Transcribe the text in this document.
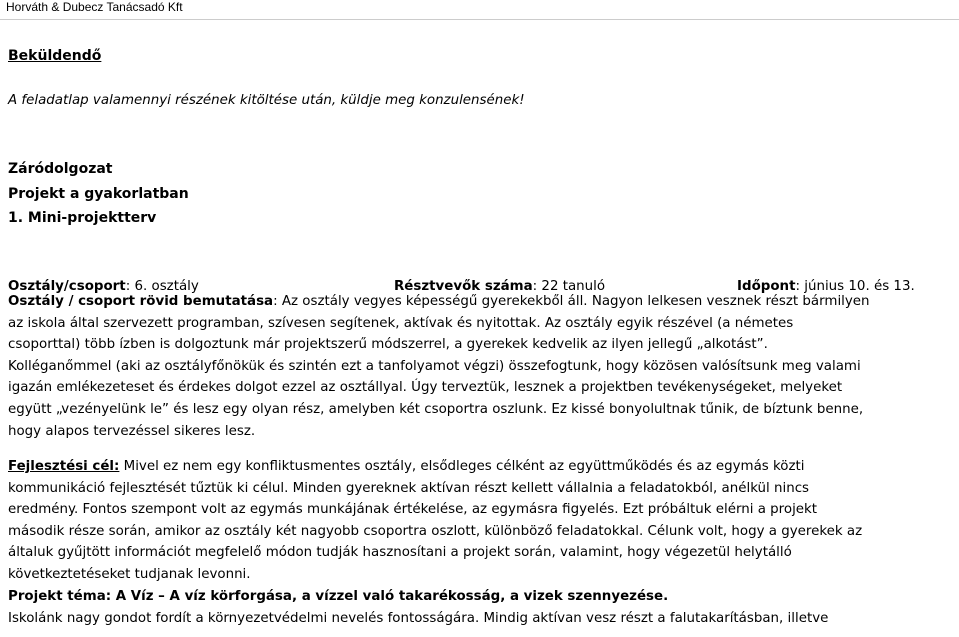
Horváth & Dubecz Tanácsadó Kft
Beküldendő
A feladatlap valamennyi részének kitöltése után, küldje meg konzulensének!
Záródolgozat
Projekt a gyakorlatban
1. Mini-projektterv
Osztály/csoport: 6. osztály	Résztvevők száma: 22 tanuló	Időpont: június 10. és 13.
Osztály / csoport rövid bemutatása: Az osztály vegyes képességű gyerekekből áll. Nagyon lelkesen vesznek részt bármilyen
az iskola által szervezett programban, szívesen segítenek, aktívak és nyitottak. Az osztály egyik részével (a németes
csoporttal) több ízben is dolgoztunk már projektszerű módszerrel, a gyerekek kedvelik az ilyen jellegű „alkotást”.
Kolléganőmmel (aki az osztályfőnökük és szintén ezt a tanfolyamot végzi) összefogtunk, hogy közösen valósítsunk meg valami
igazán emlékezeteset és érdekes dolgot ezzel az osztállyal. Úgy terveztük, lesznek a projektben tevékenységeket, melyeket
együtt „vezényelünk le” és lesz egy olyan rész, amelyben két csoportra oszlunk. Ez kissé bonyolultnak tűnik, de bíztunk benne,
hogy alapos tervezéssel sikeres lesz.
Fejlesztési cél: Mivel ez nem egy konfliktusmentes osztály, elsődleges célként az együttműködés és az egymás közti
kommunikáció fejlesztését tűztük ki célul. Minden gyereknek aktívan részt kellett vállalnia a feladatokból, anélkül nincs
eredmény. Fontos szempont volt az egymás munkájának értékelése, az egymásra figyelés. Ezt próbáltuk elérni a projekt
második része során, amikor az osztály két nagyobb csoportra oszlott, különböző feladatokkal. Célunk volt, hogy a gyerekek az
általuk gyűjtött információt megfelelő módon tudják hasznosítani a projekt során, valamint, hogy végezetül helytálló
következtetéseket tudjanak levonni.
Projekt téma: A Víz – A víz körforgása, a vízzel való takarékosság, a vizek szennyezése.
Iskolánk nagy gondot fordít a környezetvédelmi nevelés fontosságára. Mindig aktívan vesz részt a falutakarításban, illetve
